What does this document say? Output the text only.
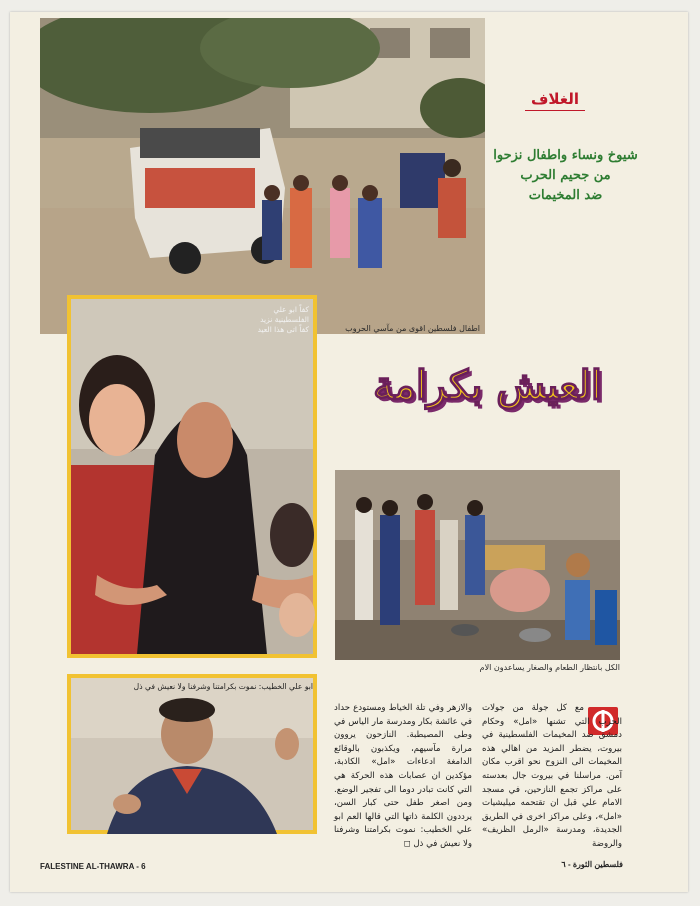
الغلاف
شيوخ ونساء واطفال نزحوا
من جحيم الحرب
ضد المخيمات
اطفال فلسطين اقوى من مآسي الحروب
كفاً ابو علي
الفلسطينية نزيد
كفاً اتى هذا العيد
العيش بكرامة
الكل بانتظار الطعام والصغار يساعدون الام
ابو علي الخطيب: نموت بكرامتنا وشرفنا ولا نعيش في ذل
مع كل جولة من جولات الحرب التي تشنها «امل» وحكام دمشق ضد المخيمات الفلسطينية في بيروت، يضطر المزيد من اهالي هذه المخيمات الى النزوح نحو اقرب مكان آمن. مراسلنا في بيروت جال بعدسته على مراكز تجمع النازحين، في مسجد الامام علي قبل ان تقتحمه ميليشيات «امل»، وعلى مراكز اخرى في الطريق الجديدة، ومدرسة «الرمل الظريف» والروضة
والازهر وفي تلة الخياط ومستودع حداد في عائشة بكار ومدرسة مار الياس في وطى المصيطبة. النازحون يروون مرارة مآسيهم، ويكذبون بالوقائع الدامغة ادعاءات «امل» الكاذبة، مؤكدين ان عصابات هذه الحركة هي التي كانت تبادر دوما الى تفجير الوضع. ومن اصغر طفل حتى كبار السن، يرددون الكلمة ذاتها التي قالها العم ابو علي الخطيب: نموت بكرامتنا وشرفنا ولا نعيش في ذل ◻
FALESTINE AL-THAWRA - 6	فلسطين الثورة - ٦
